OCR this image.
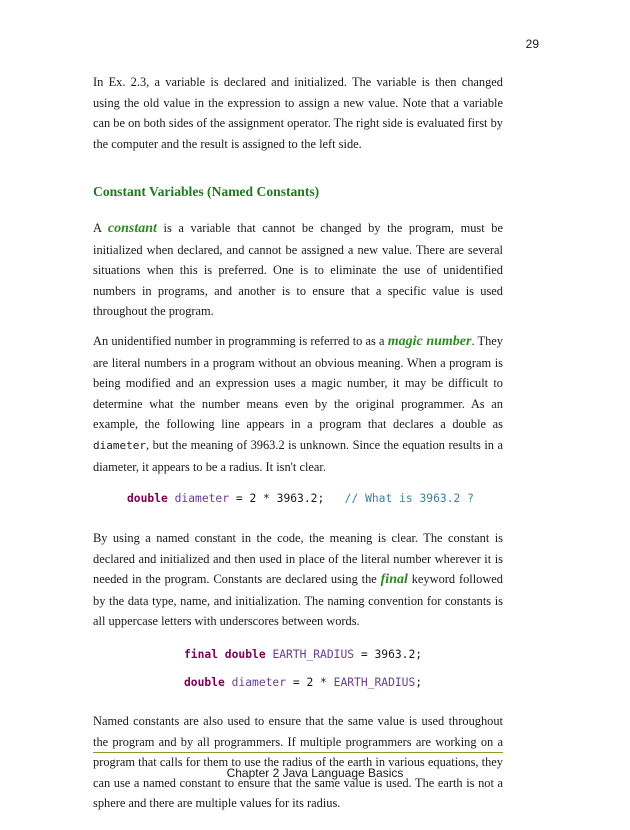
29

In Ex. 2.3, a variable is declared and initialized. The variable is then changed using the old value in the expression to assign a new value. Note that a variable can be on both sides of the assignment operator. The right side is evaluated first by the computer and the result is assigned to the left side.

Constant Variables (Named Constants)

A constant is a variable that cannot be changed by the program, must be initialized when declared, and cannot be assigned a new value. There are several situations when this is preferred. One is to eliminate the use of unidentified numbers in programs, and another is to ensure that a specific value is used throughout the program.

An unidentified number in programming is referred to as a magic number. They are literal numbers in a program without an obvious meaning. When a program is being modified and an expression uses a magic number, it may be difficult to determine what the number means even by the original programmer. As an example, the following line appears in a program that declares a double as diameter, but the meaning of 3963.2 is unknown. Since the equation results in a diameter, it appears to be a radius. It isn't clear.

double diameter = 2 * 3963.2; // What is 3963.2 ?

By using a named constant in the code, the meaning is clear. The constant is declared and initialized and then used in place of the literal number wherever it is needed in the program. Constants are declared using the final keyword followed by the data type, name, and initialization. The naming convention for constants is all uppercase letters with underscores between words.

final double EARTH_RADIUS = 3963.2;
double diameter = 2 * EARTH_RADIUS;

Named constants are also used to ensure that the same value is used throughout the program and by all programmers. If multiple programmers are working on a program that calls for them to use the radius of the earth in various equations, they can use a named constant to ensure that the same value is used. The earth is not a sphere and there are multiple values for its radius.

Chapter 2 Java Language Basics
